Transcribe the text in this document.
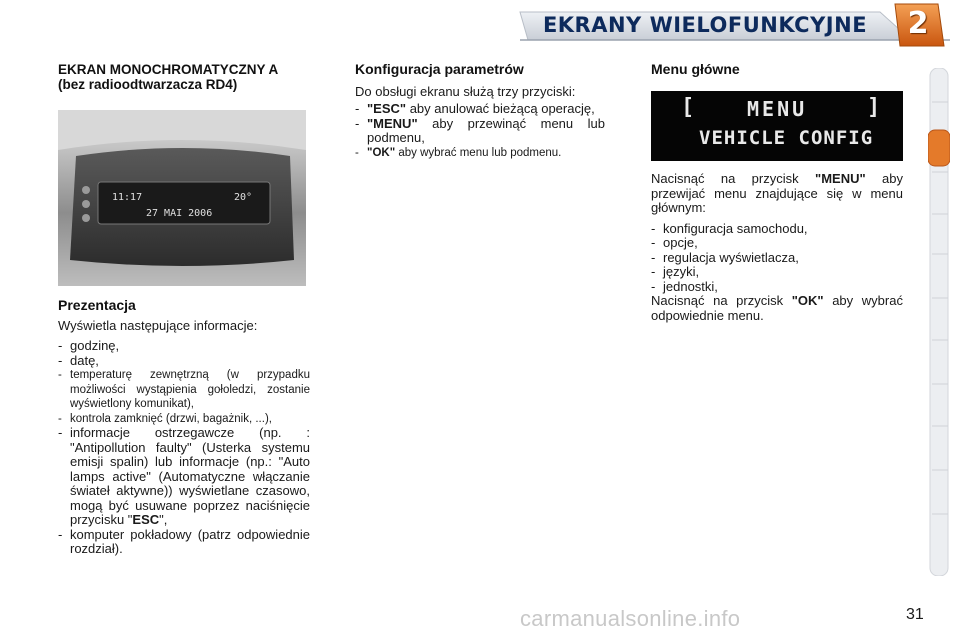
EKRANY WIELOFUNKCYJNE	2

EKRAN MONOCHROMATYCZNY A

(bez radioodtwarzacza RD4)

11:17	20°
27 MAI 2006

Prezentacja

Wyświetla następujące informacje:

- godzinę,
- datę,
- temperaturę zewnętrzną (w przypadku możliwości wystąpienia gołoledzi, zostanie wyświetlony komunikat),
- kontrola zamknięć (drzwi, bagażnik, ...),
- informacje ostrzegawcze (np. : "Antipollution faulty" (Usterka systemu emisji spalin) lub informacje (np.: "Auto lamps active" (Automatyczne włączanie świateł aktywne)) wyświetlane czasowo, mogą być usuwane poprzez naciśnięcie przycisku "ESC",
- komputer pokładowy (patrz odpowiednie rozdział).

Konfiguracja parametrów

Do obsługi ekranu służą trzy przyciski:

- "ESC" aby anulować bieżącą operację,
- "MENU" aby przewinąć menu lub podmenu,
- "OK" aby wybrać menu lub podmenu.

Menu główne

[ MENU	]
VEHICLE CONFIG

Nacisnąć na przycisk "MENU" aby przewijać menu znajdujące się w menu głównym:

- konfiguracja samochodu,
- opcje,
- regulacja wyświetlacza,
- języki,
- jednostki,

Nacisnąć na przycisk "OK" aby wybrać odpowiednie menu.

carmanualsonline.info	31
